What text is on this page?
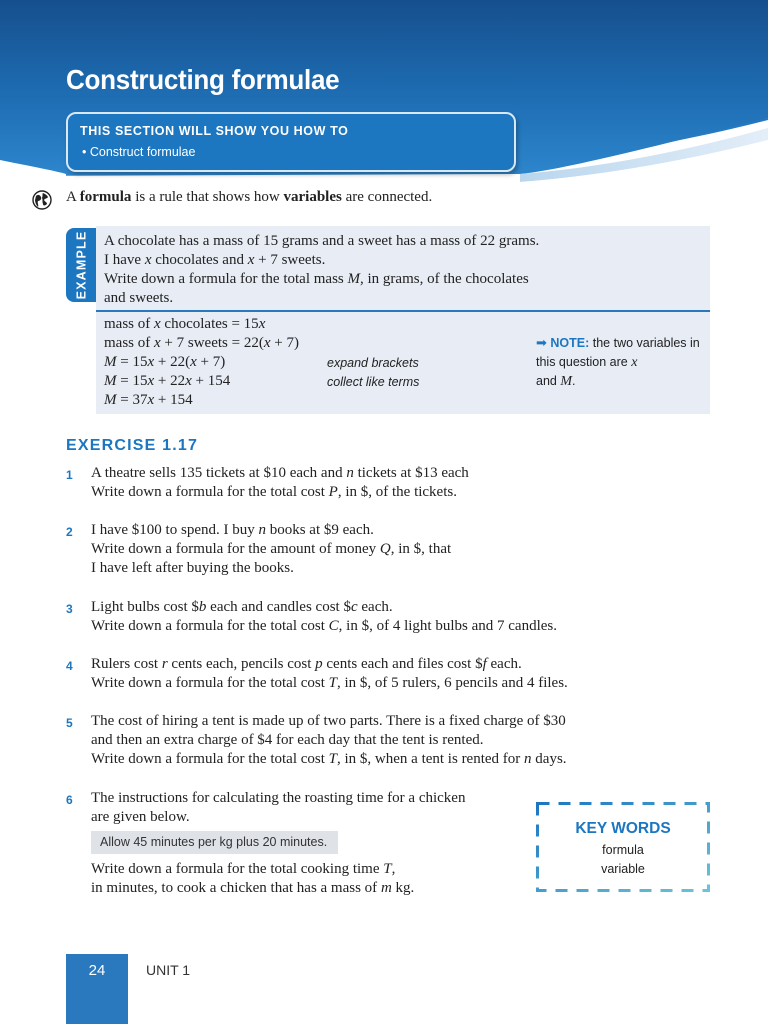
Constructing formulae
THIS SECTION WILL SHOW YOU HOW TO
• Construct formulae
A formula is a rule that shows how variables are connected.
EXAMPLE A chocolate has a mass of 15 grams and a sweet has a mass of 22 grams.
I have x chocolates and x + 7 sweets.
Write down a formula for the total mass M, in grams, of the chocolates
and sweets.
mass of x chocolates = 15x
mass of x + 7 sweets = 22(x + 7)
M = 15x + 22(x + 7)
M = 15x + 22x + 154
M = 37x + 154
expand brackets
collect like terms
➡ NOTE: the two variables in
this question are x
and M.
EXERCISE 1.17
1 A theatre sells 135 tickets at $10 each and n tickets at $13 each
Write down a formula for the total cost P, in $, of the tickets.
2 I have $100 to spend. I buy n books at $9 each.
Write down a formula for the amount of money Q, in $, that
I have left after buying the books.
3 Light bulbs cost $b each and candles cost $c each.
Write down a formula for the total cost C, in $, of 4 light bulbs and 7 candles.
4 Rulers cost r cents each, pencils cost p cents each and files cost $f each.
Write down a formula for the total cost T, in $, of 5 rulers, 6 pencils and 4 files.
5 The cost of hiring a tent is made up of two parts. There is a fixed charge of $30
and then an extra charge of $4 for each day that the tent is rented.
Write down a formula for the total cost T, in $, when a tent is rented for n days.
6 The instructions for calculating the roasting time for a chicken
are given below.
Allow 45 minutes per kg plus 20 minutes.
Write down a formula for the total cooking time T,
in minutes, to cook a chicken that has a mass of m kg.
KEY WORDS
formula
variable
24	UNIT 1
